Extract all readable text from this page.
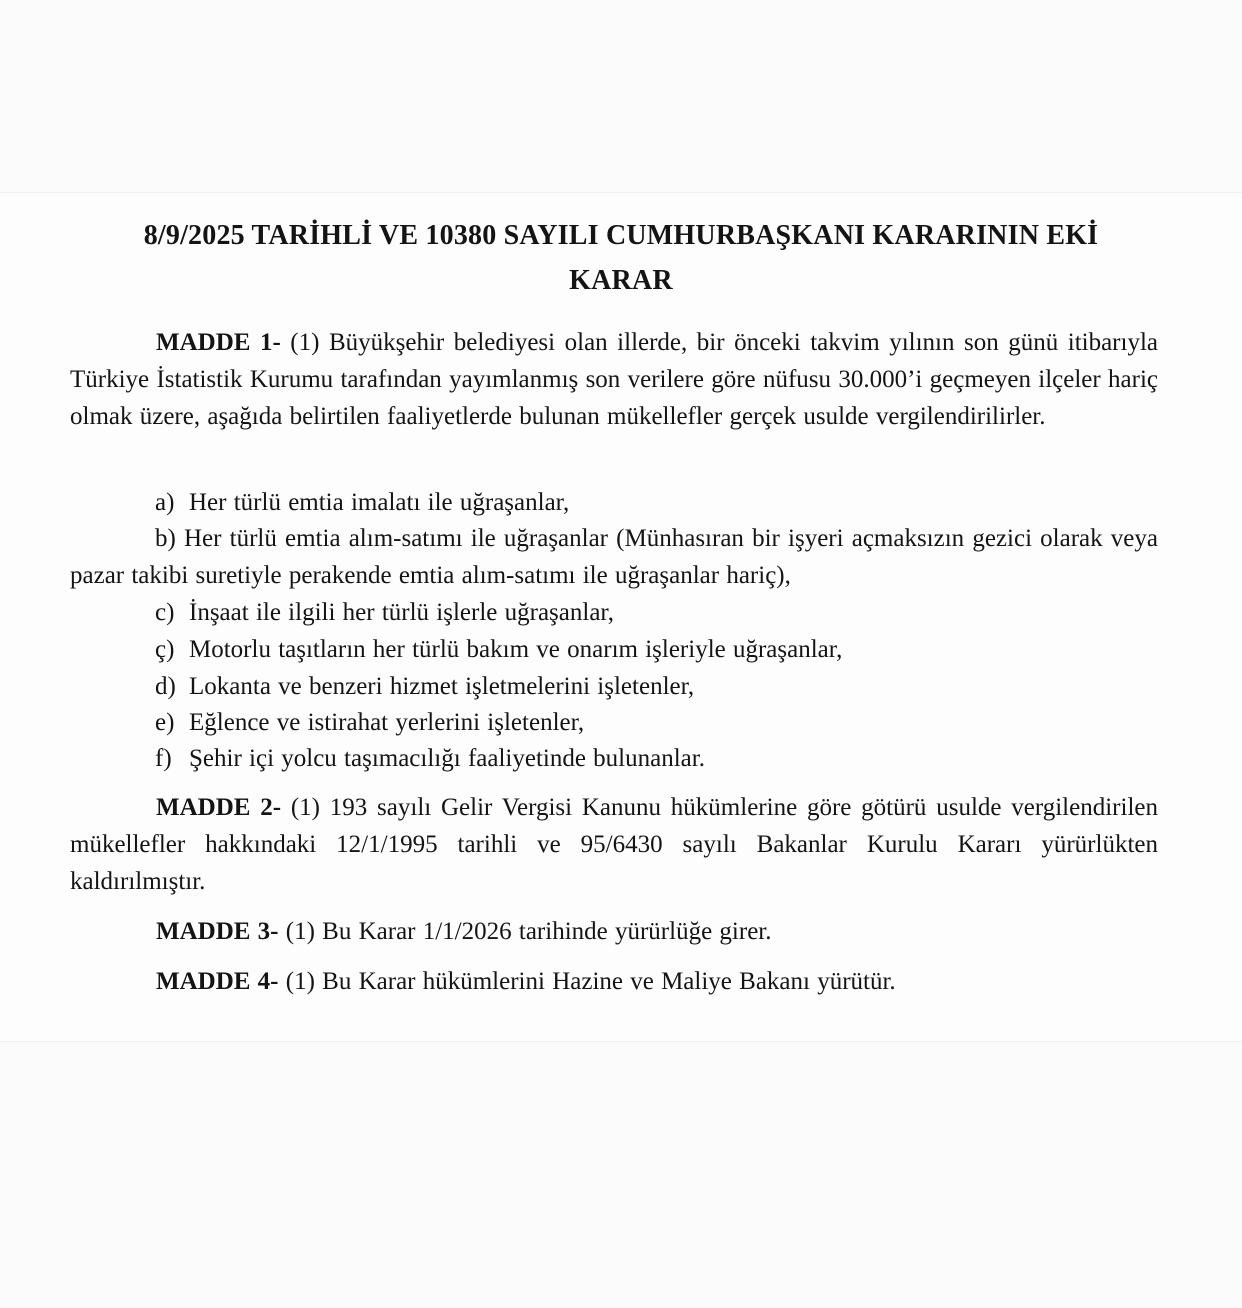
8/9/2025 TARİHLİ VE 10380 SAYILI CUMHURBAŞKANI KARARININ EKİ
KARAR
MADDE 1- (1) Büyükşehir belediyesi olan illerde, bir önceki takvim yılının son günü itibarıyla Türkiye İstatistik Kurumu tarafından yayımlanmış son verilere göre nüfusu 30.000’i geçmeyen ilçeler hariç olmak üzere, aşağıda belirtilen faaliyetlerde bulunan mükellefler gerçek usulde vergilendirilirler.
a) Her türlü emtia imalatı ile uğraşanlar,
b) Her türlü emtia alım-satımı ile uğraşanlar (Münhasıran bir işyeri açmaksızın gezici olarak veya pazar takibi suretiyle perakende emtia alım-satımı ile uğraşanlar hariç),
c) İnşaat ile ilgili her türlü işlerle uğraşanlar,
ç) Motorlu taşıtların her türlü bakım ve onarım işleriyle uğraşanlar,
d) Lokanta ve benzeri hizmet işletmelerini işletenler,
e) Eğlence ve istirahat yerlerini işletenler,
f) Şehir içi yolcu taşımacılığı faaliyetinde bulunanlar.
MADDE 2- (1) 193 sayılı Gelir Vergisi Kanunu hükümlerine göre götürü usulde vergilendirilen mükellefler hakkındaki 12/1/1995 tarihli ve 95/6430 sayılı Bakanlar Kurulu Kararı yürürlükten kaldırılmıştır.
MADDE 3- (1) Bu Karar 1/1/2026 tarihinde yürürlüğe girer.
MADDE 4- (1) Bu Karar hükümlerini Hazine ve Maliye Bakanı yürütür.
